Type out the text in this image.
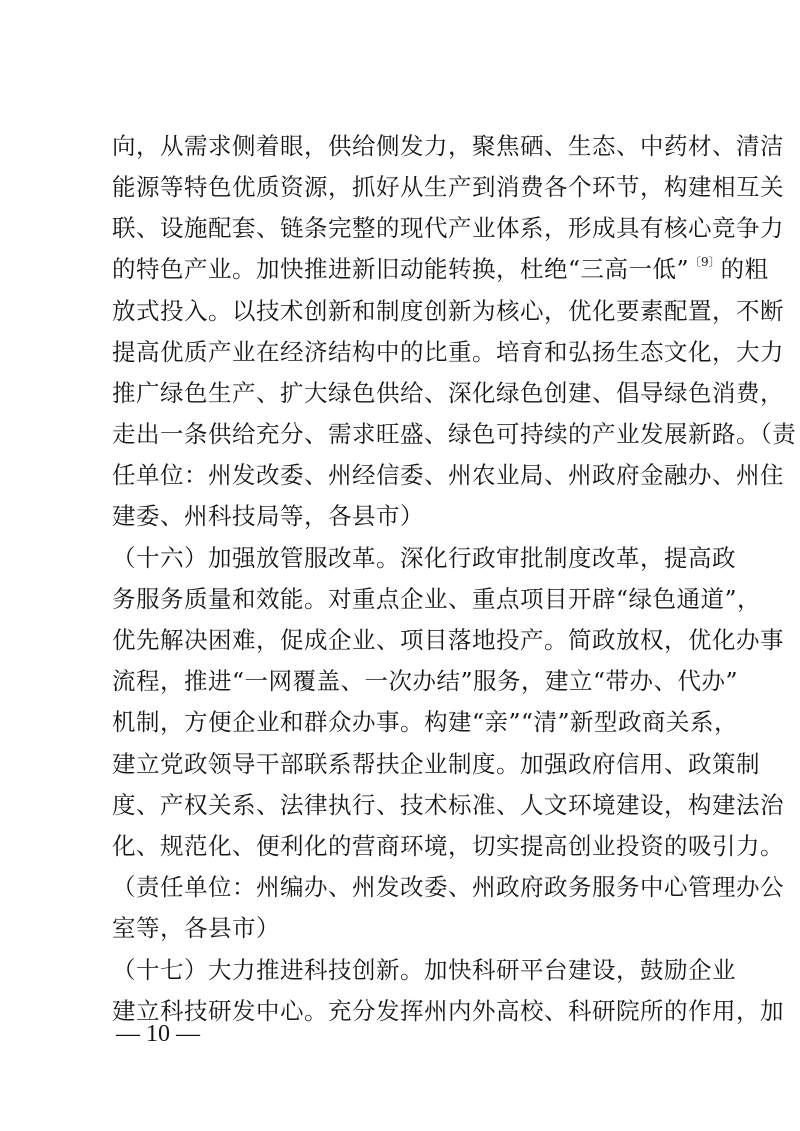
向，从需求侧着眼，供给侧发力，聚焦硒、生态、中药材、清洁
能源等特色优质资源，抓好从生产到消费各个环节，构建相互关
联、设施配套、链条完整的现代产业体系，形成具有核心竞争力
的特色产业。加快推进新旧动能转换，杜绝“三高一低”$^{〔9〕}$的粗
放式投入。以技术创新和制度创新为核心，优化要素配置，不断
提高优质产业在经济结构中的比重。培育和弘扬生态文化，大力
推广绿色生产、扩大绿色供给、深化绿色创建、倡导绿色消费，
走出一条供给充分、需求旺盛、绿色可持续的产业发展新路。（责
任单位：州发改委、州经信委、州农业局、州政府金融办、州住
建委、州科技局等，各县市）
（十六）加强放管服改革。深化行政审批制度改革，提高政
务服务质量和效能。对重点企业、重点项目开辟“绿色通道”，
优先解决困难，促成企业、项目落地投产。简政放权，优化办事
流程，推进“一网覆盖、一次办结”服务，建立“带办、代办”
机制，方便企业和群众办事。构建“亲”“清”新型政商关系，
建立党政领导干部联系帮扶企业制度。加强政府信用、政策制
度、产权关系、法律执行、技术标准、人文环境建设，构建法治
化、规范化、便利化的营商环境，切实提高创业投资的吸引力。
（责任单位：州编办、州发改委、州政府政务服务中心管理办公
室等，各县市）
（十七）大力推进科技创新。加快科研平台建设，鼓励企业
建立科技研发中心。充分发挥州内外高校、科研院所的作用，加
— 10 —
